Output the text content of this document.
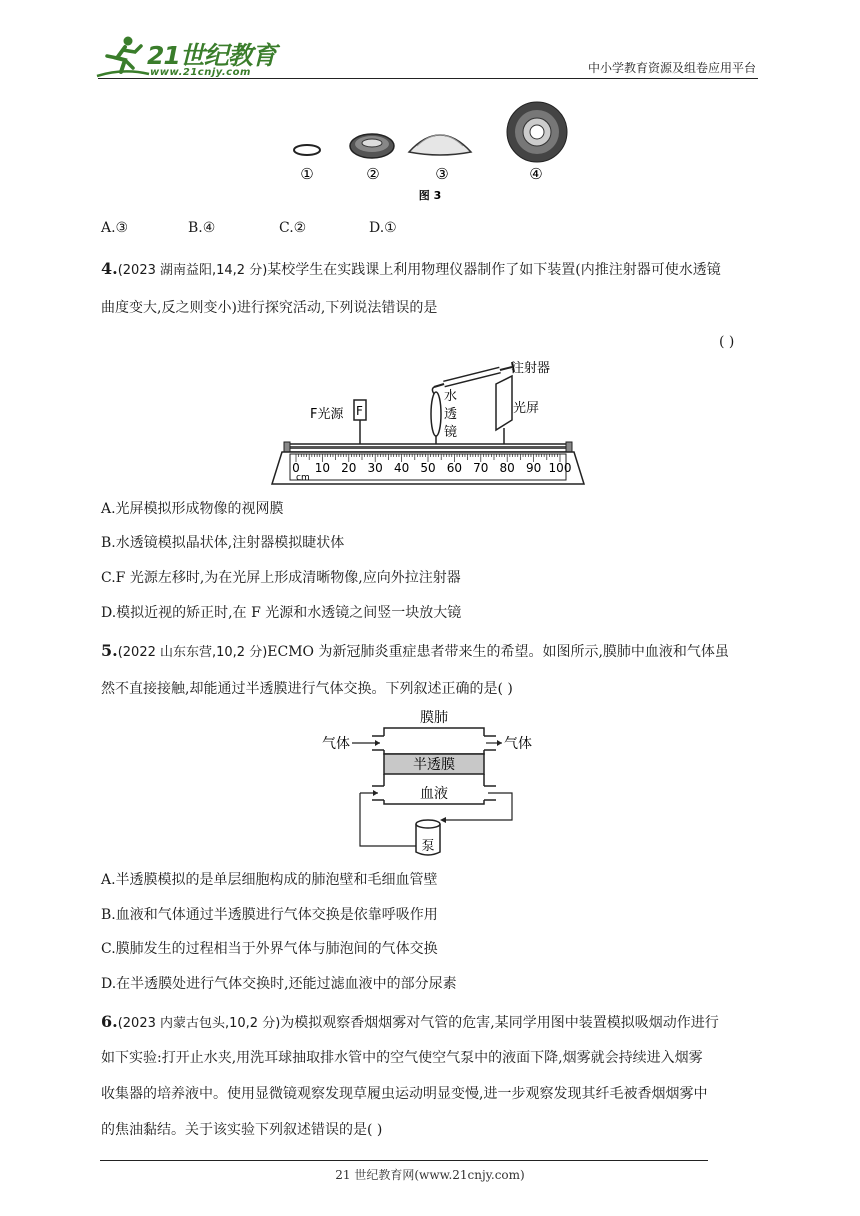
21世纪教育
www.21cnjy.com	中小学教育资源及组卷应用平台
①	②	③	④
图 3
A.③	B.④	C.②	D.①
4.(2023 湖南益阳,14,2 分)某校学生在实践课上利用物理仪器制作了如下装置(内推注射器可使水透镜
曲度变大,反之则变小)进行探究活动,下列说法错误的是
( )
注射器
水
透
镜
光屏
F
F光源
0 10 20 30 40 50 60 70 80 90 100
cm
A.光屏模拟形成物像的视网膜
B.水透镜模拟晶状体,注射器模拟睫状体
C.F 光源左移时,为在光屏上形成清晰物像,应向外拉注射器
D.模拟近视的矫正时,在 F 光源和水透镜之间竖一块放大镜
5.(2022 山东东营,10,2 分)ECMO 为新冠肺炎重症患者带来生的希望。如图所示,膜肺中血液和气体虽
然不直接接触,却能通过半透膜进行气体交换。下列叙述正确的是( )
膜肺
半透膜
血液
气体	气体
泵
A.半透膜模拟的是单层细胞构成的肺泡壁和毛细血管壁
B.血液和气体通过半透膜进行气体交换是依靠呼吸作用
C.膜肺发生的过程相当于外界气体与肺泡间的气体交换
D.在半透膜处进行气体交换时,还能过滤血液中的部分尿素
6.(2023 内蒙古包头,10,2 分)为模拟观察香烟烟雾对气管的危害,某同学用图中装置模拟吸烟动作进行
如下实验:打开止水夹,用洗耳球抽取排水管中的空气使空气泵中的液面下降,烟雾就会持续进入烟雾
收集器的培养液中。使用显微镜观察发现草履虫运动明显变慢,进一步观察发现其纤毛被香烟烟雾中
的焦油黏结。关于该实验下列叙述错误的是( )
21 世纪教育网(www.21cnjy.com)
